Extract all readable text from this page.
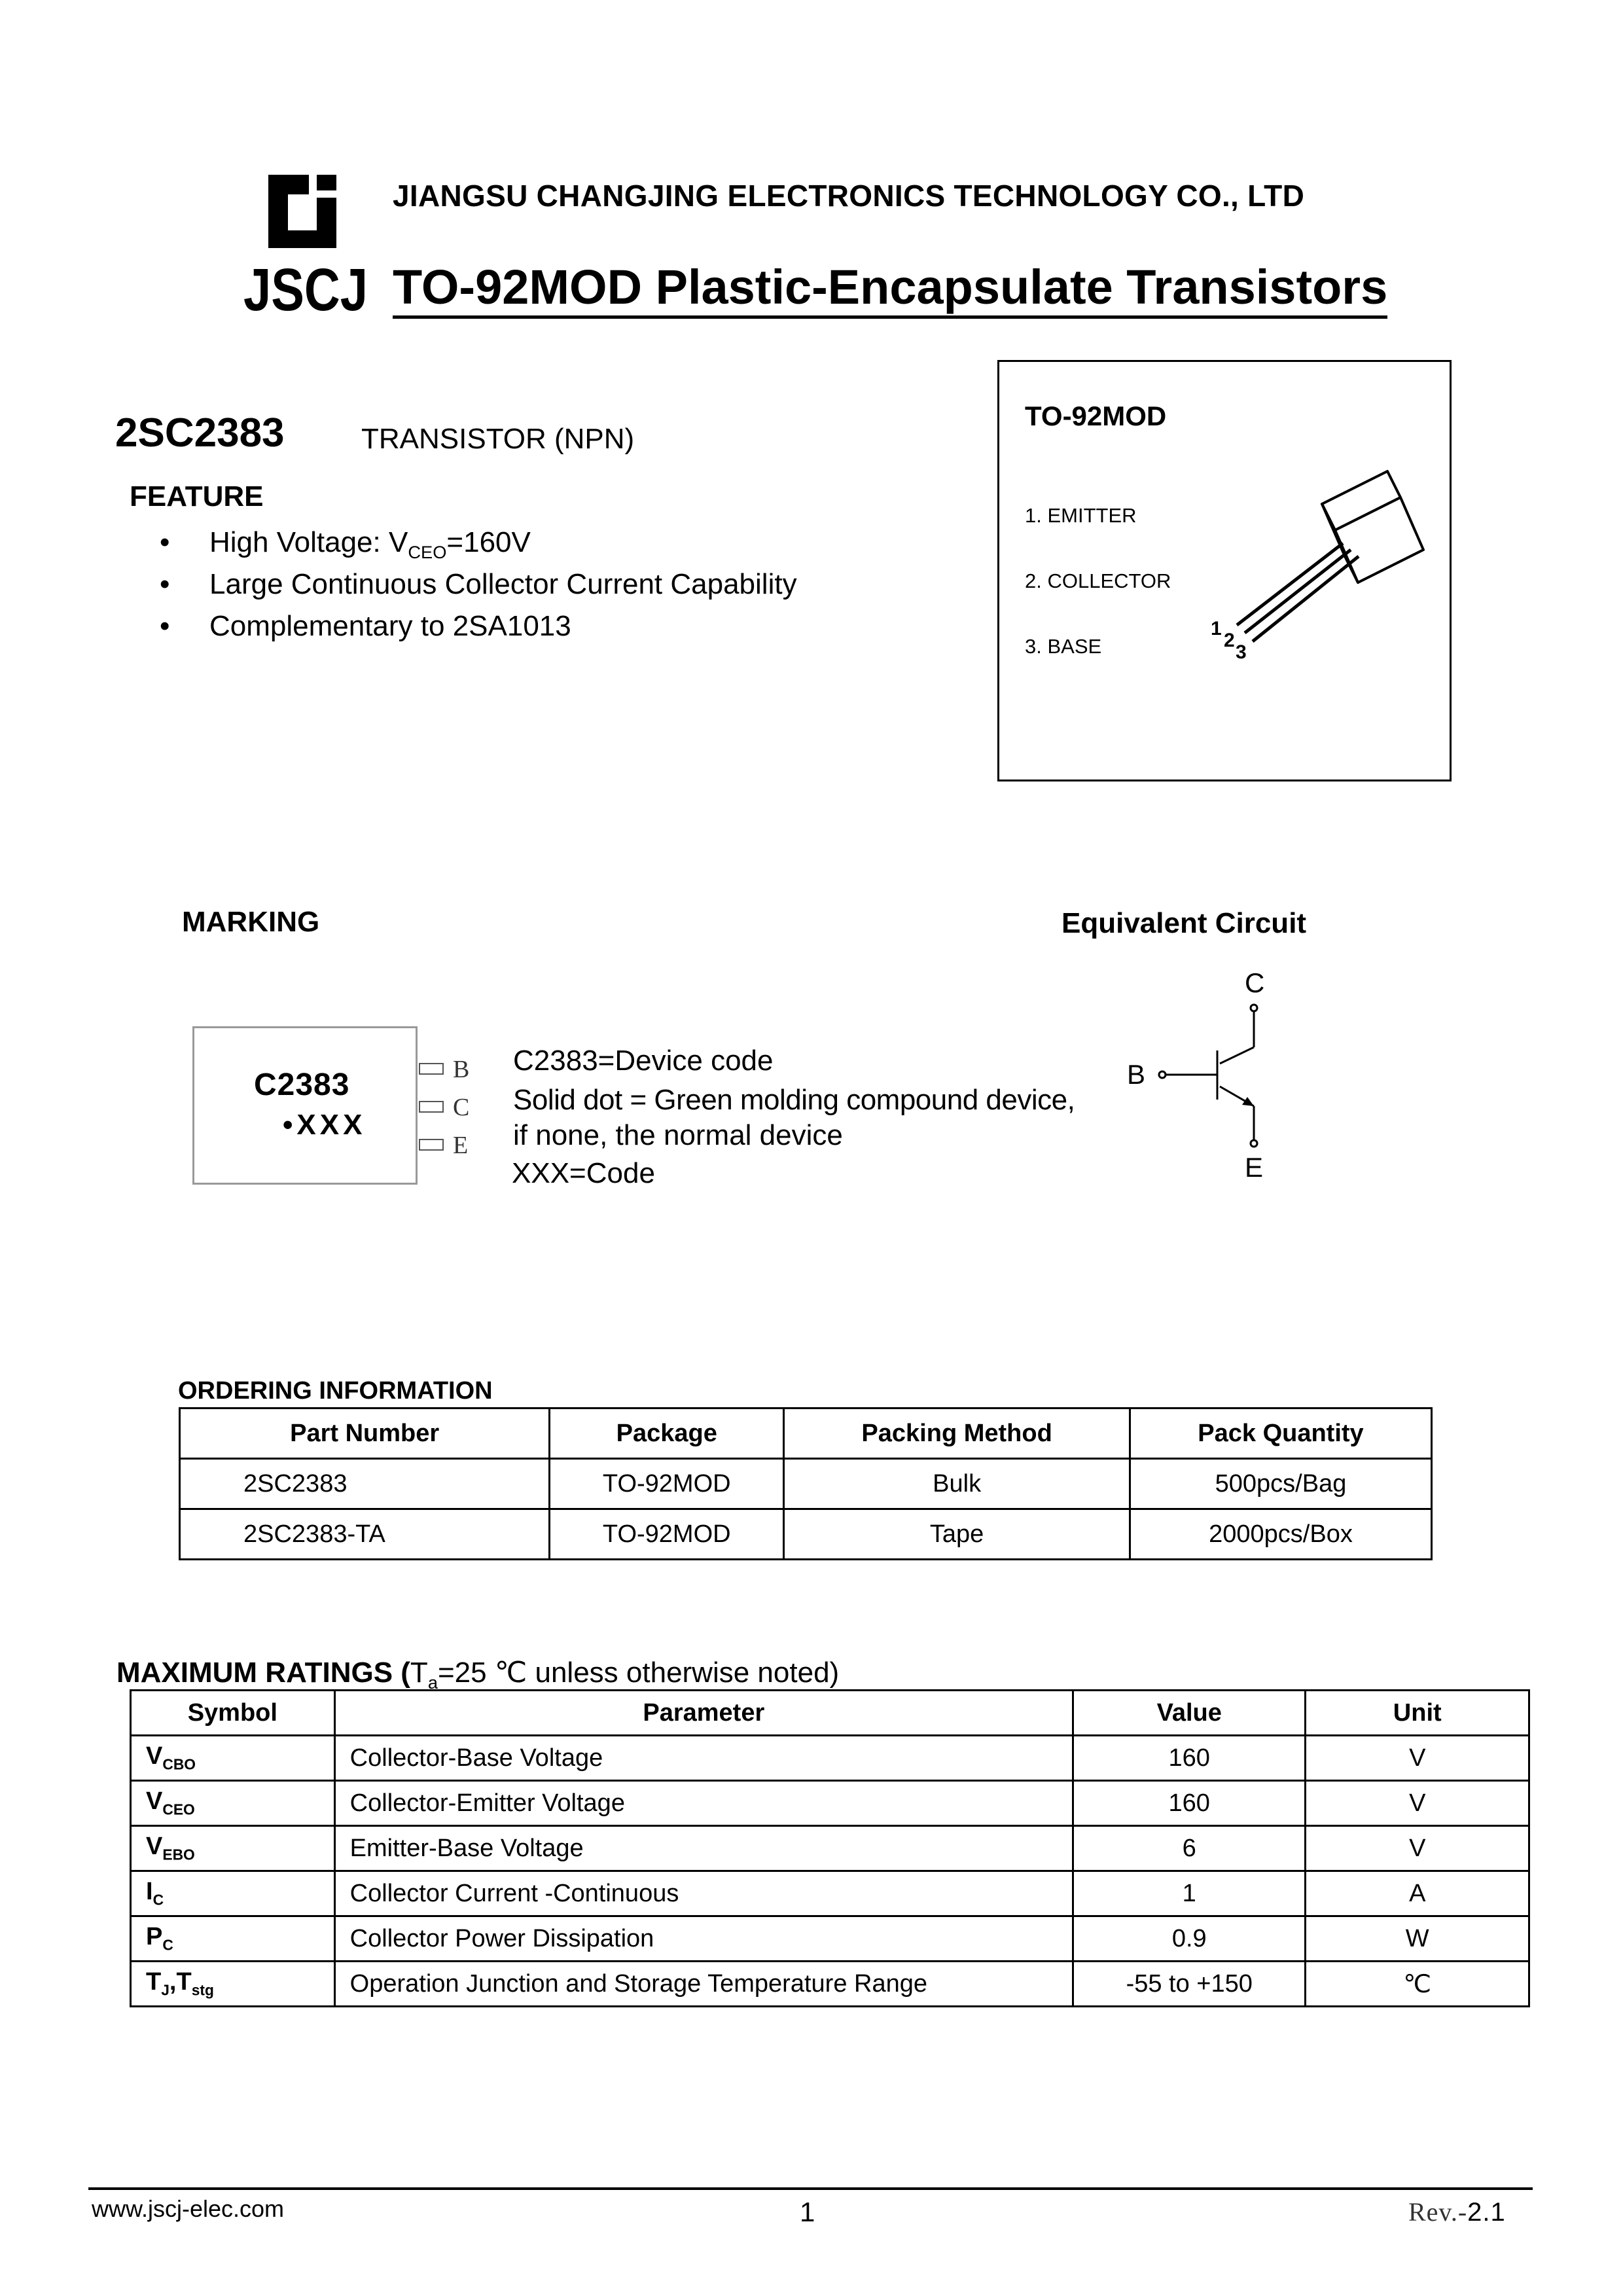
JSCJ
JIANGSU CHANGJING ELECTRONICS TECHNOLOGY CO., LTD
TO-92MOD Plastic-Encapsulate Transistors
2SC2383	TRANSISTOR (NPN)
FEATURE
• High Voltage: $V_{CEO}=160V$
• Large Continuous Collector Current Capability
• Complementary to 2SA1013
TO-92MOD
1. EMITTER
2. COLLECTOR
3. BASE
1
2
3
MARKING
C2383
•XXX
B
C
E
C2383=Device code
Solid dot = Green molding compound device,
if none, the normal device
XXX=Code
Equivalent Circuit
C
B
E
ORDERING INFORMATION
Part Number	Package	Packing Method	Pack Quantity
2SC2383	TO-92MOD	Bulk	500pcs/Bag
2SC2383-TA	TO-92MOD	Tape	2000pcs/Box
MAXIMUM RATINGS ($T_a=25$ ℃ unless otherwise noted)
Symbol	Parameter	Value	Unit
$V_{CBO}$	Collector-Base Voltage	160	V
$V_{CEO}$	Collector-Emitter Voltage	160	V
$V_{EBO}$	Emitter-Base Voltage	6	V
$I_C$	Collector Current -Continuous	1	A
$P_C$	Collector Power Dissipation	0.9	W
$T_J,T_{stg}$	Operation Junction and Storage Temperature Range	-55 to +150	℃
www.jscj-elec.com	1	Rev.-2.1
